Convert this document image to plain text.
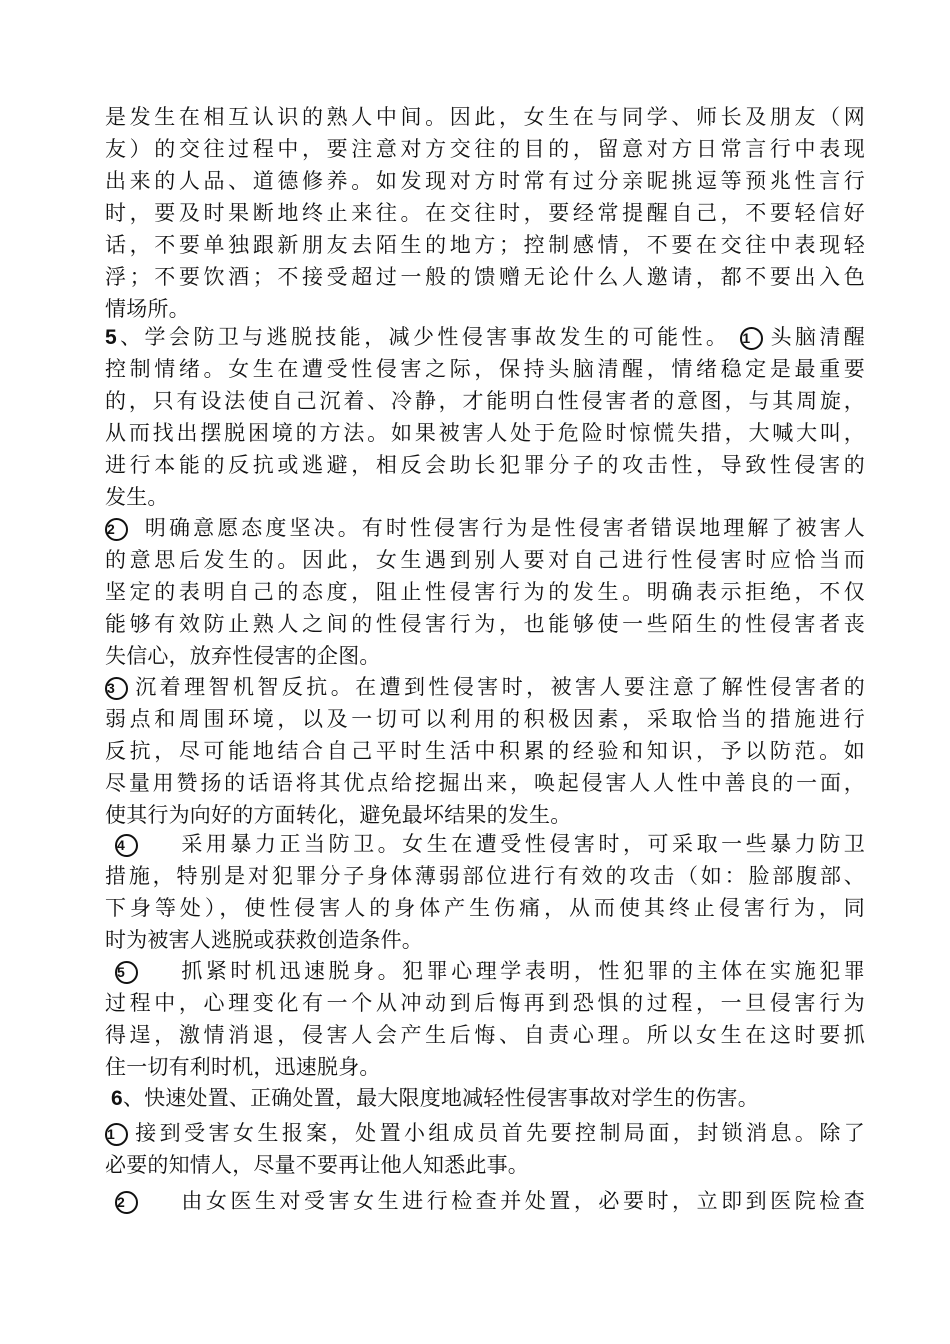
是发生在相互认识的熟人中间。因此，女生在与同学、师长及朋友（网
友）的交往过程中，要注意对方交往的目的，留意对方日常言行中表现
出来的人品、道德修养。如发现对方时常有过分亲昵挑逗等预兆性言行
时，要及时果断地终止来往。在交往时，要经常提醒自己，不要轻信好
话，不要单独跟新朋友去陌生的地方；控制感情，不要在交往中表现轻
浮；不要饮酒；不接受超过一般的馈赠无论什么人邀请，都不要出入色
情场所。
5、学会防卫与逃脱技能，减少性侵害事故发生的可能性。 1 头脑清醒
控制情绪。女生在遭受性侵害之际，保持头脑清醒，情绪稳定是最重要
的，只有设法使自己沉着、冷静，才能明白性侵害者的意图，与其周旋，
从而找出摆脱困境的方法。如果被害人处于危险时惊慌失措，大喊大叫，
进行本能的反抗或逃避，相反会助长犯罪分子的攻击性，导致性侵害的
发生。
2 明确意愿态度坚决。有时性侵害行为是性侵害者错误地理解了被害人
的意思后发生的。因此，女生遇到别人要对自己进行性侵害时应恰当而
坚定的表明自己的态度，阻止性侵害行为的发生。明确表示拒绝，不仅
能够有效防止熟人之间的性侵害行为，也能够使一些陌生的性侵害者丧
失信心，放弃性侵害的企图。
3 沉着理智机智反抗。在遭到性侵害时，被害人要注意了解性侵害者的
弱点和周围环境，以及一切可以利用的积极因素，采取恰当的措施进行
反抗，尽可能地结合自己平时生活中积累的经验和知识，予以防范。如
尽量用赞扬的话语将其优点给挖掘出来，唤起侵害人人性中善良的一面，
使其行为向好的方面转化，避免最坏结果的发生。
4	采用暴力正当防卫。女生在遭受性侵害时，可采取一些暴力防卫
措施，特别是对犯罪分子身体薄弱部位进行有效的攻击（如：脸部腹部、
下身等处），使性侵害人的身体产生伤痛，从而使其终止侵害行为，同
时为被害人逃脱或获救创造条件。
5	抓紧时机迅速脱身。犯罪心理学表明，性犯罪的主体在实施犯罪
过程中，心理变化有一个从冲动到后悔再到恐惧的过程，一旦侵害行为
得逞，激情消退，侵害人会产生后悔、自责心理。所以女生在这时要抓
住一切有利时机，迅速脱身。
6、快速处置、正确处置，最大限度地减轻性侵害事故对学生的伤害。
1 接到受害女生报案，处置小组成员首先要控制局面，封锁消息。除了
必要的知情人，尽量不要再让他人知悉此事。
2	由女医生对受害女生进行检查并处置，必要时，立即到医院检查
